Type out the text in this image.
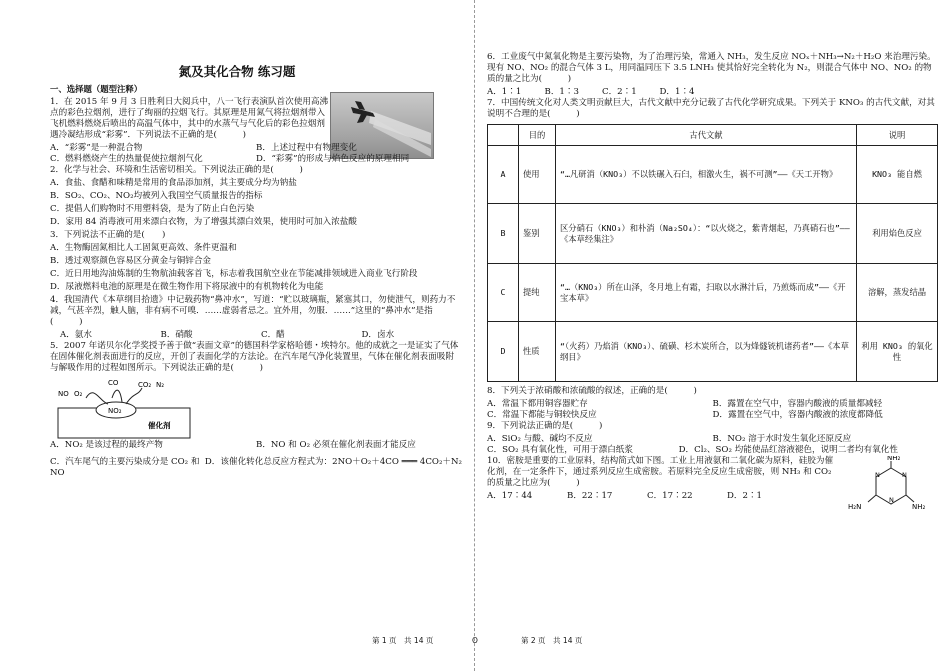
氮及其化合物 练习题

一、选择题（题型注释）

1．在 2015 年 9 月 3 日胜利日大阅兵中，八一飞行表演队首次使用高沸点的彩色拉烟剂，进行了绚丽的拉烟飞行。其原理是用氮气将拉烟剂带入飞机燃料燃烧后喷出的高温气体中，其中的水蒸气与气化后的彩色拉烟剂遇冷凝结形成“彩雾”．下列说法不正确的是(　　　)

A．“彩雾”是一种混合物	B．上述过程中有物理变化
C．燃料燃烧产生的热量促使拉烟剂气化	D．“彩雾”的形成与焰色反应的原理相同

2．化学与社会、环境和生活密切相关。下列说法正确的是(　　　)

A．食盐、食醋和味精是常用的食品添加剂，其主要成分均为钠盐

B．SO₂、CO₂、NO₂均被列入我国空气质量报告的指标

C．提倡人们购物时不用塑料袋，是为了防止白色污染

D．家用 84 消毒液可用来漂白衣物，为了增强其漂白效果，使用时可加入浓盐酸

3．下列说法不正确的是(　　)

A．生物酶固氮相比人工固氮更高效、条件更温和

B．透过观察颜色容易区分黄金与铜锌合金

C．近日用地沟油炼制的生物航油载客首飞，标志着我国航空业在节能减排领域进入商业飞行阶段

D．尿液燃料电池的原理是在微生物作用下将尿液中的有机物转化为电能

4．我国清代《本草纲目拾遗》中记载药物“鼻冲水”，写道：“贮以玻璃瓶，紧塞其口，勿使泄气，则药力不减，气甚辛烈，触人脑，非有病不可嗅．……虚弱者忌之。宜外用，勿服．……”这里的“鼻冲水”是指(　　　)

A．氨水	B．硝酸	C．醋	D．卤水

5．2007 年诺贝尔化学奖授予善于做“表面文章”的德国科学家格哈德・埃特尔。他的成就之一是证实了气体在固体催化剂表面进行的反应，开创了表面化学的方法论。在汽车尾气净化装置里，气体在催化剂表面吸附与解吸作用的过程如图所示。下列说法正确的是(　　　)

NO O₂
CO	CO₂ N₂
NO₂
催化剂
A．NO₂ 是该过程的最终产物	B．NO 和 O₂ 必须在催化剂表面才能反应
C．汽车尾气的主要污染成分是 CO₂ 和 NO
D．该催化转化总反应方程式为：2NO＋O₂＋4CO ═══ 4CO₂＋N₂

6．工业废气中氮氧化物是主要污染物，为了治理污染，常通入 NH₃，发生反应 NOₓ＋NH₃→N₂＋H₂O 来治理污染。现有 NO、NO₂ 的混合气体 3 L，用同温同压下 3.5 LNH₃ 使其恰好完全转化为 N₂，则混合气体中 NO、NO₂ 的物质的量之比为(　　　)

A．1∶1	B．1∶3	C．2∶1	D．1∶4

7．中国传统文化对人类文明贡献巨大，古代文献中充分记载了古代化学研究成果。下列关于 KNO₃ 的古代文献，对其说明不合理的是(　　　)

	目的	古代文献	说明
A	使用	“…凡研消（KNO₃）不以铁碾入石臼，相激火生，祸不可测”——《天工开物》	KNO₃ 能自燃
B	鉴别	区分硝石（KNO₃）和朴消（Na₂SO₄）：“以火烧之，紫青烟起，乃真硝石也”——《本草经集注》	利用焰色反应
C	提纯	“…（KNO₃）所在山泽，冬月地上有霜，扫取以水淋汁后，乃煎炼而成”——《开宝本草》	溶解，蒸发结晶
D	性质	“（火药）乃焰消（KNO₃）、硫磺、杉木炭所合，以为烽燧铳机诸药者”——《本草纲目》	利用 KNO₃ 的氧化性

8．下列关于浓硝酸和浓硫酸的叙述，正确的是(　　　)

A．常温下都用铜容器贮存	B．露置在空气中，容器内酸液的质量都减轻
C．常温下都能与铜较快反应	D．露置在空气中，容器内酸液的浓度都降低

9．下列说法正确的是(　　　)

A．SiO₂ 与酸、碱均不反应	B．NO₂ 溶于水时发生氧化还原反应
C．SO₂ 具有氧化性，可用于漂白纸浆	D．Cl₂、SO₂ 均能使品红溶液褪色，说明二者均有氧化性

10．密胺是重要的工业原料，结构简式如下图。工业上用液氨和二氧化碳为原料，硅胶为催化剂，在一定条件下，通过系列反应生成密胺。若原料完全反应生成密胺，则 NH₃ 和 CO₂ 的质量之比应为(　　　)

A．17∶44	B．22∶17	C．17∶22	D．2∶1
NH₂
H₂N	NH₂
N
N
N
第 1 页　共 14 页	O	第 2 页　共 14 页
